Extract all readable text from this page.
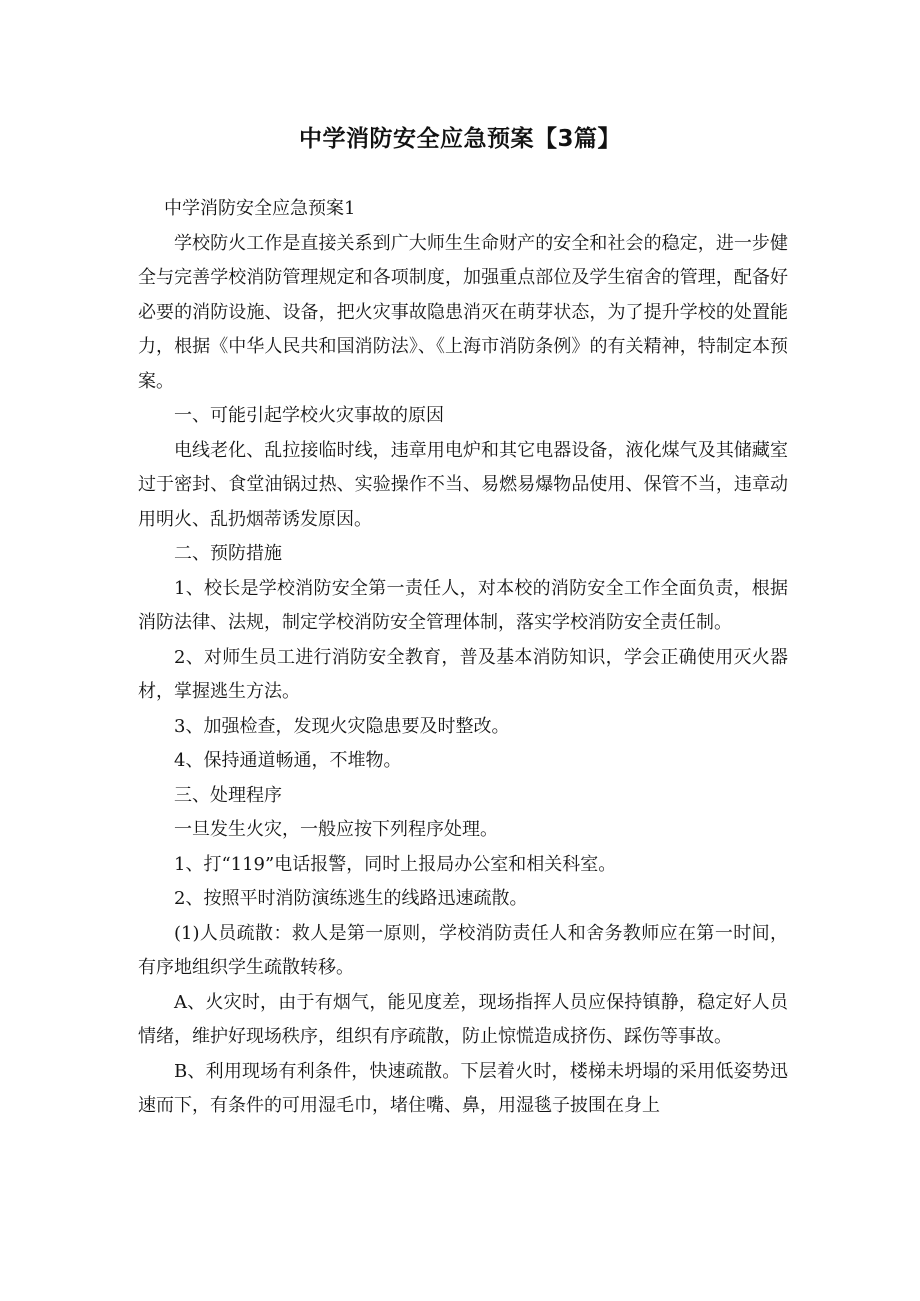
中学消防安全应急预案【3篇】

中学消防安全应急预案1

学校防火工作是直接关系到广大师生生命财产的安全和社会的稳定，进一步健全与完善学校消防管理规定和各项制度，加强重点部位及学生宿舍的管理，配备好必要的消防设施、设备，把火灾事故隐患消灭在萌芽状态，为了提升学校的处置能力，根据《中华人民共和国消防法》、《上海市消防条例》的有关精神，特制定本预案。

一、可能引起学校火灾事故的原因

电线老化、乱拉接临时线，违章用电炉和其它电器设备，液化煤气及其储藏室过于密封、食堂油锅过热、实验操作不当、易燃易爆物品使用、保管不当，违章动用明火、乱扔烟蒂诱发原因。

二、预防措施

1、校长是学校消防安全第一责任人，对本校的消防安全工作全面负责，根据消防法律、法规，制定学校消防安全管理体制，落实学校消防安全责任制。

2、对师生员工进行消防安全教育，普及基本消防知识，学会正确使用灭火器材，掌握逃生方法。

3、加强检查，发现火灾隐患要及时整改。

4、保持通道畅通，不堆物。

三、处理程序

一旦发生火灾，一般应按下列程序处理。

1、打“119”电话报警，同时上报局办公室和相关科室。

2、按照平时消防演练逃生的线路迅速疏散。

(1)人员疏散：救人是第一原则，学校消防责任人和舍务教师应在第一时间，有序地组织学生疏散转移。

A、火灾时，由于有烟气，能见度差，现场指挥人员应保持镇静，稳定好人员情绪，维护好现场秩序，组织有序疏散，防止惊慌造成挤伤、踩伤等事故。

B、利用现场有利条件，快速疏散。下层着火时，楼梯未坍塌的采用低姿势迅速而下，有条件的可用湿毛巾，堵住嘴、鼻，用湿毯子披围在身上
